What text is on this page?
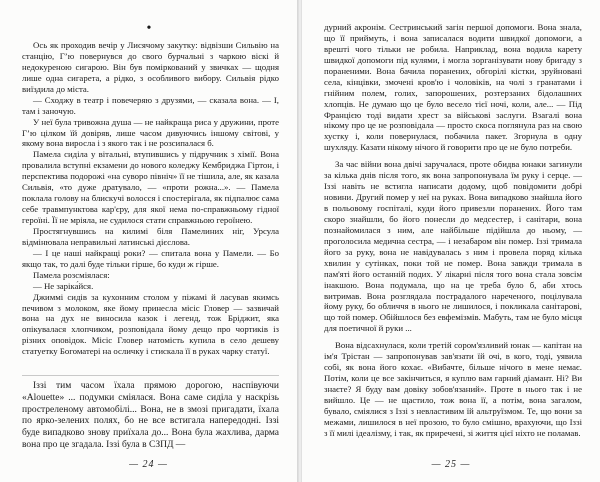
•

Ось як проходив вечір у Лисячому закутку: відвізши Сильвію на станцію, Гʼю повернувся до свого бурчальні з чаркою віскі й недокуреною сигарою. Він був поміркований у звичках — щодня лише одна сигарета, а рідко, з особливого вибору. Сильвія рідко виїздила до міста.

— Сходжу в театр і повечеряю з друзями, — сказала вона. — І, там і заночую.

У неї була тривожна душа — не найкраща риса у дружини, проте Гʼю цілком їй довіряв, лише часом дивуючись іншому світові, у якому вона виросла і з якого так і не розсипалася б.

Памела сиділа у вітальні, втупившись у підручник з хімії. Вона провалила вступні екзамени до нового коледжу Кембриджа Гіртон, і перспектива подорожі «на суворо північ» її не тішила, але, як казала Сильвія, «то дуже дратувало, — «проти рожна...». — Памела поклала голову на блискучі волосся і спостерігала, як підпалює сама себе травмпунктова кар'єру, для якої нема по-справжньому гідної героїні. Її не мріяла, не судилося стати справжньою героїнею.

Простягнувшись на килимі біля Памелиних ніг, Урсула відмінювала неправильні латинські дієслова.

— І це наші найкращі роки? — спитала вона у Памели. — Бо якщо так, то далі буде тільки гірше, бо куди ж гірше.

Памела розсміялася:

— Не заріка́йся.

Джиммі сидів за кухонним столом у піжамі й ласував якимсь печивом з молоком, яке йому принесла місіс Гловер — зазвичай вона на дух не виносила казок і легенд, тож Бріджит, яка опікувалася хлопчиком, розповідала йому дещо про чортиків із різних оповідок. Місіс Гловер натомість купила в село дешеву статуетку Богоматері на осличку і стискала її в руках чарку статуї.

Іззі тим часом їхала прямою дорогою, наспівуючи «Alouette» ... подумки сміялася. Вона саме сиділа у наскрізь простреленому автомобілі... Вона, не в змозі пригадати, їхала по ярко-зелених полях, бо не все встигала напередодні. Іззі буде випадково знову приїхала до... Вона була жахлива, дарма вона про це згадала. Іззі була в СЗПД —

— 24 —

дурний акронім. Сестринський загін першої допомоги. Вона знала, що її приймуть, і вона записалася водити швидкої допомоги, а врешті чого тільки не робила. Наприклад, вона водила карету швидкої допомоги під кулями, і могла зорганізувати нову бригаду з пораненими. Вона бачила поранених, обгорілі кістки, зруйновані села, кінцівки, змочені кров'ю і чоловіків, на чолі з гранатами і гнійним полем, голих, запорошених, розтерзаних бідолашних хлопців. Не думаю що це було весело тієї ночі, коли, але... — Під Францією тоді видати хрест за військові заслуги. Взагалі вона нікому про це не розповідала — просто скоса поглянула раз на свою хустку і, коли повернулася, побачила пакет. Згорнула в одну шухляду. Казати нікому нічого й говорити про це не було потреби.

За час війни вона двічі заручалася, проте обидва юнаки загинули за кілька днів після того, як вона запропонувала їм руку і серце. — Іззі навіть не встигла написати додому, щоб повідомити добрі новини. Другий помер у неї на руках. Вона випадково знайшла його в польовому госпіталі, куди його привезли поранених. Його там скоро знайшли, бо його понесли до медсестер, і санітари, вона познайомилася з ним, але найбільше підійшла до ньому, — проголосила медична сестра, — і незабаром він помер. Іззі тримала його за руку, вона не навідувалась з ним і провела поряд кілька хвилин у сутінках, поки той не помер. Вона завжди тримала в пам'яті його останній подих. У лікарні після того вона стала зовсім інакшою. Вона подумала, що на це треба було б, аби хтось витримав. Вона розглядала пострадалого нареченого, поцілувала йому руку, бо обличчя в нього не лишилося, і покликала санітарові, що той помер. Обійшлося без евфемізмів. Мабуть, там не було місця для поетичної й руки ...

Вона відсахнулася, коли третій сором'язливий юнак — капітан на ім'я Трістан — запропонував зав'язати їй очі, в кого, тоді, уявила собі, як вона його кохає. «Вибачте, більше нічого в мене немає. Потім, коли це все закінчиться, я куплю вам гарний діамант. Ні? Ви знаєте? Я буду вам довіку зобов'язаний». Проте в нього так і не вийшло. Це — не щастило, тож вона її, а потім, вона загалом, бувало, сміялися з Іззі з невластивим їй альтруїзмом. Те, що вони за межами, лишилося в неї прозою, то було смішно, врахуючи, що Іззі з її милі ідеалізму, і так, як приречені, зі життя цієї ніхто не поламав.

— 25 —
